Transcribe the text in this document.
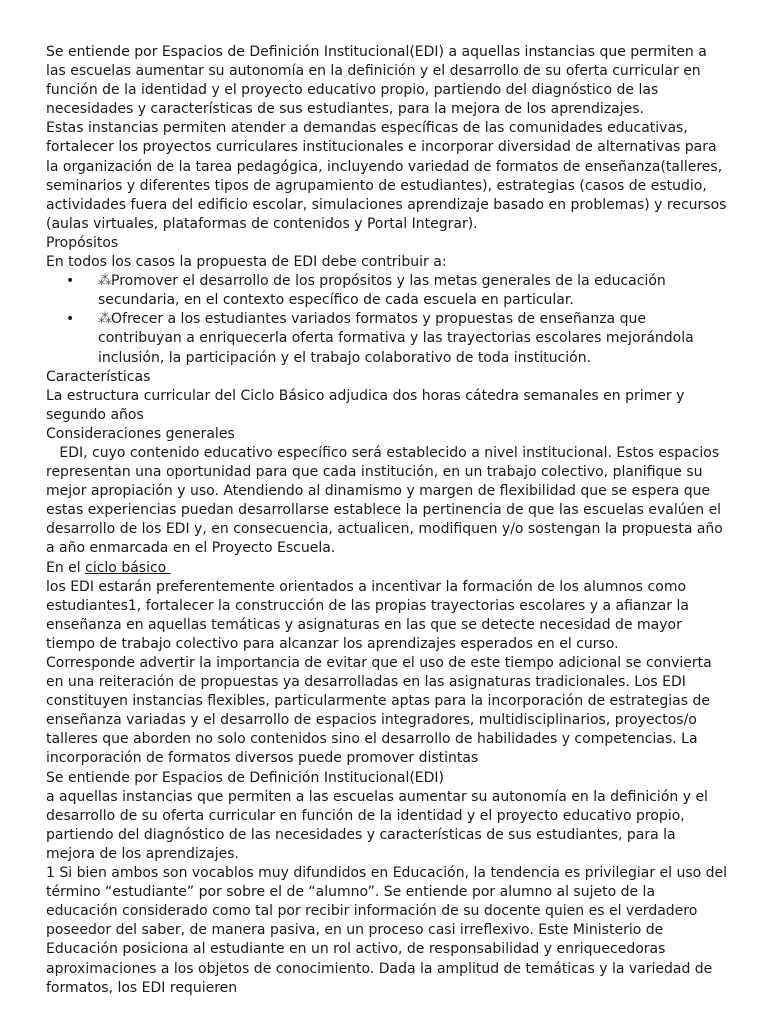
Se entiende por Espacios de Definición Institucional(EDI) a aquellas instancias que permiten a las escuelas aumentar su autonomía en la definición y el desarrollo de su oferta curricular en función de la identidad y el proyecto educativo propio, partiendo del diagnóstico de las necesidades y características de sus estudiantes, para la mejora de los aprendizajes.

Estas instancias permiten atender a demandas específicas de las comunidades educativas, fortalecer los proyectos curriculares institucionales e incorporar diversidad de alternativas para la organización de la tarea pedagógica, incluyendo variedad de formatos de enseñanza(talleres, seminarios y diferentes tipos de agrupamiento de estudiantes), estrategias (casos de estudio, actividades fuera del edificio escolar, simulaciones aprendizaje basado en problemas) y recursos (aulas virtuales, plataformas de contenidos y Portal Integrar).

Propósitos

En todos los casos la propuesta de EDI debe contribuir a:

• ⁂Promover el desarrollo de los propósitos y las metas generales de la educación secundaria, en el contexto específico de cada escuela en particular.
• ⁂Ofrecer a los estudiantes variados formatos y propuestas de enseñanza que contribuyan a enriquecerla oferta formativa y las trayectorias escolares mejorándola inclusión, la participación y el trabajo colaborativo de toda institución.

Características

La estructura curricular del Ciclo Básico adjudica dos horas cátedra semanales en primer y segundo años

Consideraciones generales

EDI, cuyo contenido educativo específico será establecido a nivel institucional. Estos espacios representan una oportunidad para que cada institución, en un trabajo colectivo, planifique su mejor apropiación y uso. Atendiendo al dinamismo y margen de flexibilidad que se espera que estas experiencias puedan desarrollarse establece la pertinencia de que las escuelas evalúen el desarrollo de los EDI y, en consecuencia, actualicen, modifiquen y/o sostengan la propuesta año a año enmarcada en el Proyecto Escuela.

En el ciclo básico

los EDI estarán preferentemente orientados a incentivar la formación de los alumnos como estudiantes1, fortalecer la construcción de las propias trayectorias escolares y a afianzar la enseñanza en aquellas temáticas y asignaturas en las que se detecte necesidad de mayor tiempo de trabajo colectivo para alcanzar los aprendizajes esperados en el curso.

Corresponde advertir la importancia de evitar que el uso de este tiempo adicional se convierta en una reiteración de propuestas ya desarrolladas en las asignaturas tradicionales. Los EDI constituyen instancias flexibles, particularmente aptas para la incorporación de estrategias de enseñanza variadas y el desarrollo de espacios integradores, multidisciplinarios, proyectos/o talleres que aborden no solo contenidos sino el desarrollo de habilidades y competencias. La incorporación de formatos diversos puede promover distintas

Se entiende por Espacios de Definición Institucional(EDI)

a aquellas instancias que permiten a las escuelas aumentar su autonomía en la definición y el desarrollo de su oferta curricular en función de la identidad y el proyecto educativo propio, partiendo del diagnóstico de las necesidades y características de sus estudiantes, para la mejora de los aprendizajes.

1 Si bien ambos son vocablos muy difundidos en Educación, la tendencia es privilegiar el uso del término “estudiante” por sobre el de “alumno”. Se entiende por alumno al sujeto de la educación considerado como tal por recibir información de su docente quien es el verdadero poseedor del saber, de manera pasiva, en un proceso casi irreflexivo. Este Ministerio de Educación posiciona al estudiante en un rol activo, de responsabilidad y enriquecedoras aproximaciones a los objetos de conocimiento. Dada la amplitud de temáticas y la variedad de formatos, los EDI requieren
